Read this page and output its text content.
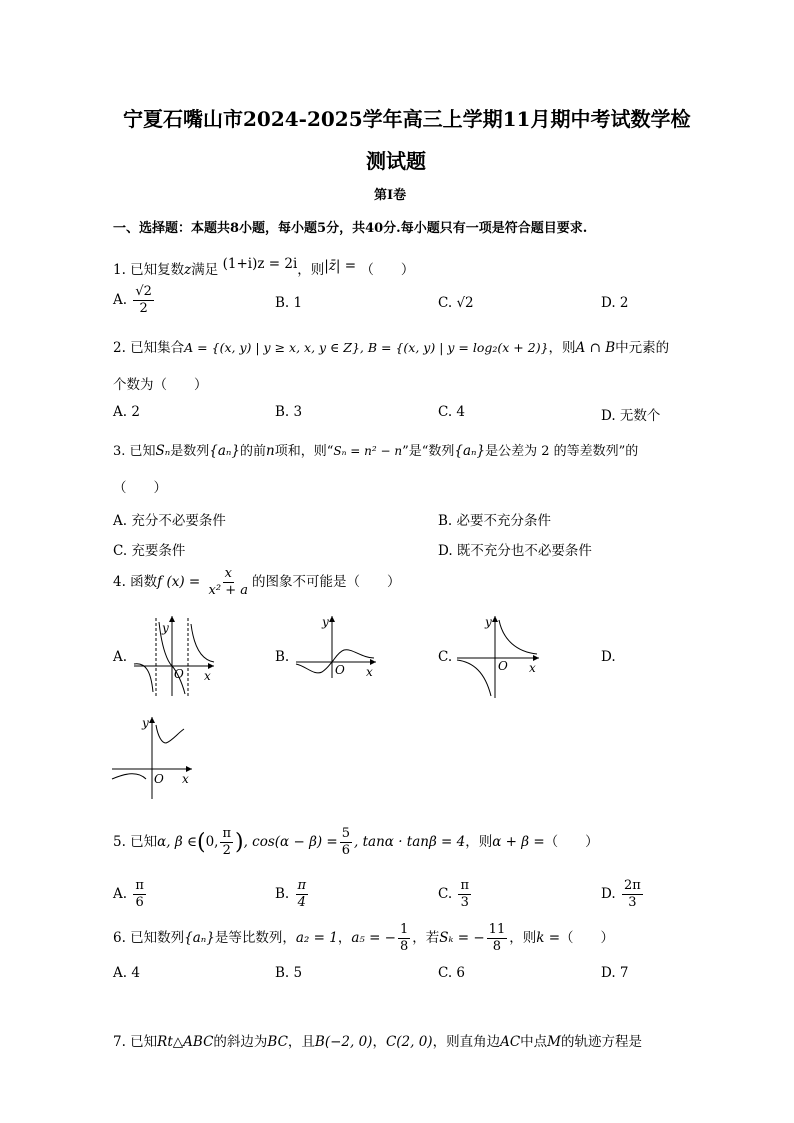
宁夏石嘴山市2024-2025学年高三上学期11月期中考试数学检
测试题
第Ⅰ卷
一、选择题：本题共8小题，每小题5分，共40分.每小题只有一项是符合题目要求.
1. 已知复数z满足 (1+i)z = 2i，则|z̄| = （　　）
A. $\frac{√2}{2}$	B. 1	C. √2	D. 2
2. 已知集合A = {(x, y) | y ≥ x, x, y ∈ Z}, B = {(x, y) | y = log₂(x + 2)}，则A ∩ B中元素的
个数为（　　）
A. 2	B. 3	C. 4	D. 无数个
3. 已知Sₙ是数列{aₙ}的前n项和，则“Sₙ = n² − n”是“数列{aₙ}是公差为 2 的等差数列”的
（　　）
A. 充分不必要条件	B. 必要不充分条件
C. 充要条件	D. 既不充分也不必要条件
4. 函数f $(x) = \frac{x}{\text{x² + a}}$ 的图象不可能是（　　）
A.	B.	C.	D.
y
O x
y
O x
y
O x
y
O x
5. 已知α, β ∈(0, $\frac{\pi}{2}$ ), $\cos(\alpha - \beta) = \frac{5}{6}$ , tanα · tanβ = 4，则α + β =（　　）
A. $\frac{\pi}{6}$	B. $\frac{\pi}{4}$	C. $\frac{\pi}{3}$	D. $\frac{2\pi}{3}$
6. 已知数列{aₙ}是等比数列，a₂ = 1，a₅ = − $\frac{1}{8}$ ，若Sₖ = − $\frac{11}{8}$ ，则k =（　　）
A. 4	B. 5	C. 6	D. 7
7. 已知Rt△ABC的斜边为BC，且B(−2, 0)，C(2, 0)，则直角边AC中点M的轨迹方程是
